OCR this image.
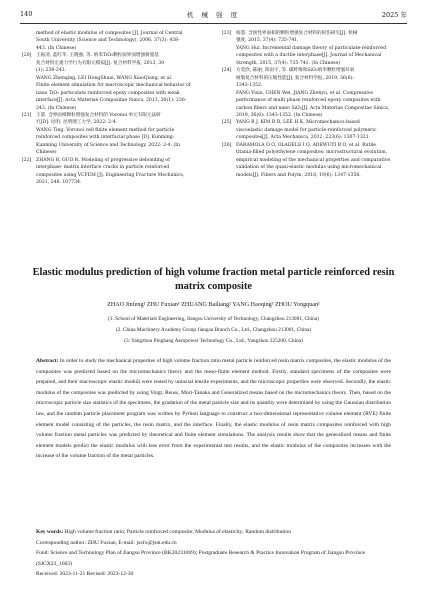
140	机 械 强 度	2025 年
method of elastic modulus of composites [J]. Journal of Central
South University (Science and Technology), 2006, 37(3): 438-
443. (In Chinese)
[20] 王振清, 蓝红华, 王晓强, 等. 纳米TiO₂颗粒弱界面增强树脂基
复合材料宏观力学行为有限元模拟[J]. 复合材料学报, 2013, 30
(1): 236-243.
WANG Zhenqing, LEI HongShuai, WANG XiaoQiang, et al.
Finite element simulation for macroscopic mechanical behavior of
nano TiO₂ particulate reinforced epoxy composites with weak
interface[J]. Acta Materiae Compositae Sinica, 2013, 30(1): 236-
243. (In Chinese)
[21] 王棠. 含界面相颗粒增强复合材料的 Voronoi 单元有限元法研
究[D]. 昆明: 昆明理工大学, 2022: 2-4.
WANG Ting. Voronoi cell finite element method for particle
reinforced composites with interfacial phase [D]. Kunming:
Kunming University of Science and Technology, 2022: 2-4. (In
Chinese)
[22] ZHANG R, GUO R. Modeling of progressive debonding of
interphase- matrix interface cracks in particle reinforced
composites using VCFEM [J]. Engineering Fracture Mechanics,
2021, 248: 107734.
[23] 杨慧. 含韧性界面相的颗粒增强复合材料的损伤研究[J]. 机械
强度, 2015, 37(4): 735-741.
YANG Hui. Incremental damage theory of particulate-reinforced
composites with a ductile interphase[J]. Journal of Mechanical
Strength, 2015, 37(4): 735-741. (In Chinese)
[24] 方奕欣, 陈丽, 蒋雨宇, 等. 碳纤维和SiO₂纳米颗粒增强环氧
树脂复合材料的压缩性能[J]. 复合材料学报, 2019, 36(6):
1343-1352.
FANG Yixin, CHEN Wei, JIANG Zhenyu, et al. Compressive
performance of multi phase reinforced epoxy composites with
carbon fibers and nano SiO₂[J]. Acta Materiae Compositae Sinica,
2019, 36(6): 1343-1352. (In Chinese)
[25] YANG B J, KIM B R, LEE H K. Micromechanics-based
viscoelastic damage model for particle-reinforced polymeric
composites[J]. Acta Mechanica, 2012, 223(6): 1307-1321.
[26] DARAMOLA O O, OLADELE I O, ADEWUYI B O, et al. Rutile
titania-filled polyethylene composites: microstructural evolution,
empirical modeling of the mechanical properties and comparative
validation of the quasi-elastic modulus using micromechanical
models[J]. Fibers and Polym, 2018, 19(6): 1347-1358.
Elastic modulus prediction of high volume fraction metal particle reinforced resin
matrix composite
ZHAO Jinfeng¹ ZHU Fuxian¹ ZHUANG Bailiang² YANG Haoqing³ ZHOU Yongquan¹
(1. School of Materials Engineering, Jiangsu University of Technology, Changzhou 213001, China)
(2. China Machinery Academy Group Jiangsu Branch Co., Ltd., Changzhou 213001, China)
(3. Yangzhou Pinghang Aeropower Technology Co., Ltd., Yangzhou 225200, China)
Abstract: In order to study the mechanical properties of high volume fraction ratio metal particle reinforced resin matrix composites, the elastic modulus of the composites was predicted based on the micromechanics theory and the meso-finite element method. Firstly, standard specimens of the composites were prepared, and their macroscopic elastic moduli were tested by uniaxial tensile experiments, and the microscopic properties were observed. Secondly, the elastic modulus of the composites was predicted by using Voigt, Reuss, Mori-Tanaka and Generalized means based on the micromechanics theory. Then, based on the microscopic particle size statistics of the specimens, the gradation of the metal particle size and its quantity were determined by using the Gaussian distribution law, and the random particle placement program was written by Python language to construct a two-dimensional representative volume element (RVE) finite element model consisting of the particles, the resin matrix, and the interface. Finally, the elastic modulus of resin matrix composites reinforced with high volume fraction metal particles was predicted by theoretical and finite element simulations. The analysis results show that the generalized means and finite element models predict the elastic modulus with less error from the experimental test results, and the elastic modulus of the composites increases with the increase of the volume fraction of the metal particles.
Key words: High volume fraction ratio; Particle reinforced composite; Modulus of elasticity; Random distribution
Corresponding author: ZHU Fuxian, E-mail: jsxfx@jsut.edu.cn
Fund: Science and Technology Plan of Jiangsu Province (BK20231069); Postgraduate Research & Practice Innovation Program of Jiangsu Province (SJCX23_1603)
Received: 2023-11-21 Revised: 2023-12-30
